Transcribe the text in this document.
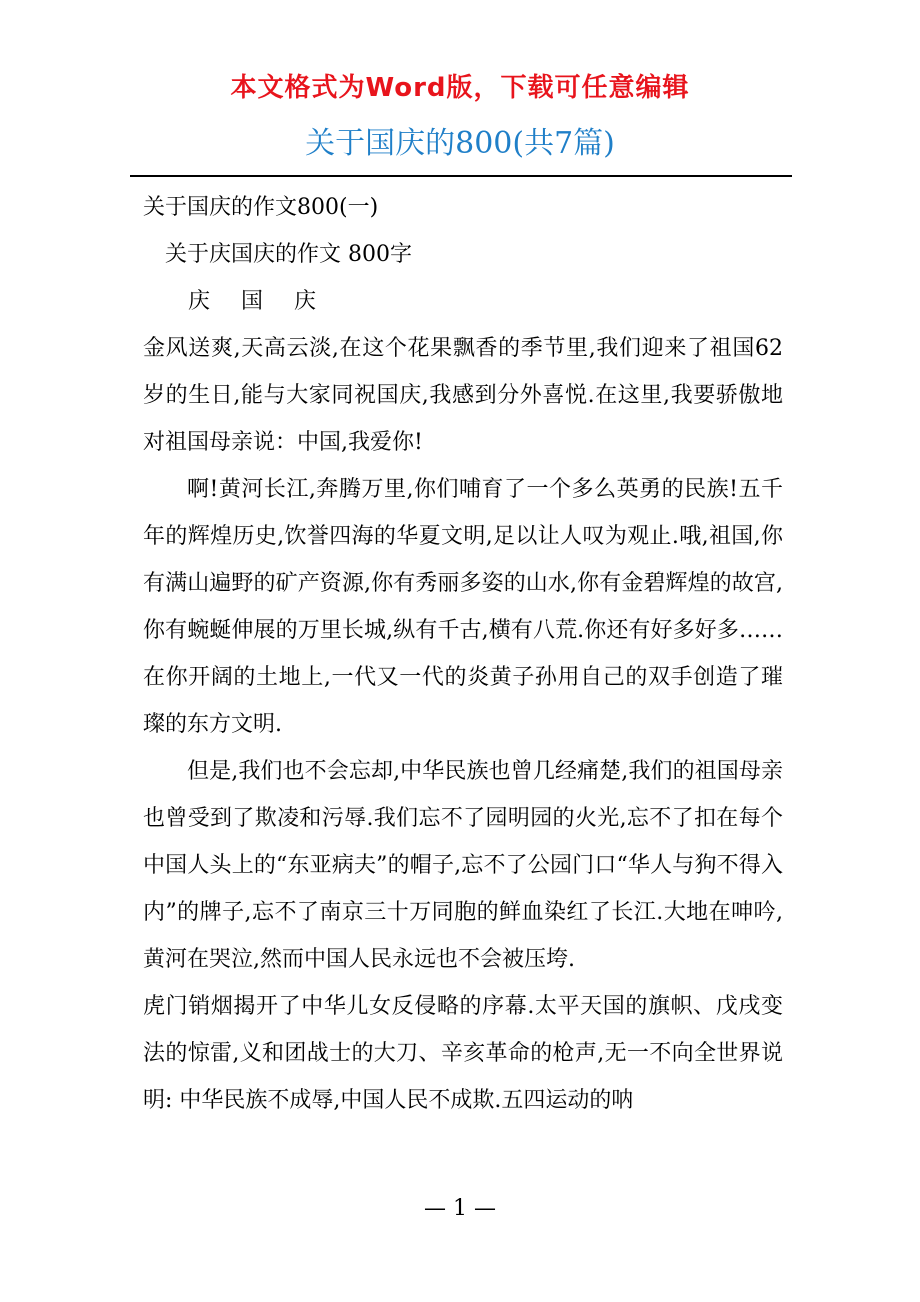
本文格式为Word版，下载可任意编辑
关于国庆的800(共7篇)

关于国庆的作文800(一)

关于庆国庆的作文 800字

庆 国 庆

金风送爽,天高云淡,在这个花果飘香的季节里,我们迎来了祖国62岁的生日,能与大家同祝国庆,我感到分外喜悦.在这里,我要骄傲地对祖国母亲说：中国,我爱你!

啊!黄河长江,奔腾万里,你们哺育了一个多么英勇的民族!五千年的辉煌历史,饮誉四海的华夏文明,足以让人叹为观止.哦,祖国,你有满山遍野的矿产资源,你有秀丽多姿的山水,你有金碧辉煌的故宫,你有蜿蜒伸展的万里长城,纵有千古,横有八荒.你还有好多好多……在你开阔的土地上,一代又一代的炎黄子孙用自己的双手创造了璀璨的东方文明.

但是,我们也不会忘却,中华民族也曾几经痛楚,我们的祖国母亲也曾受到了欺凌和污辱.我们忘不了园明园的火光,忘不了扣在每个中国人头上的“东亚病夫”的帽子,忘不了公园门口“华人与狗不得入内”的牌子,忘不了南京三十万同胞的鲜血染红了长江.大地在呻吟,黄河在哭泣,然而中国人民永远也不会被压垮.

虎门销烟揭开了中华儿女反侵略的序幕.太平天国的旗帜、戊戌变法的惊雷,义和团战士的大刀、辛亥革命的枪声,无一不向全世界说明: 中华民族不成辱,中国人民不成欺.五四运动的呐

— 1 —
